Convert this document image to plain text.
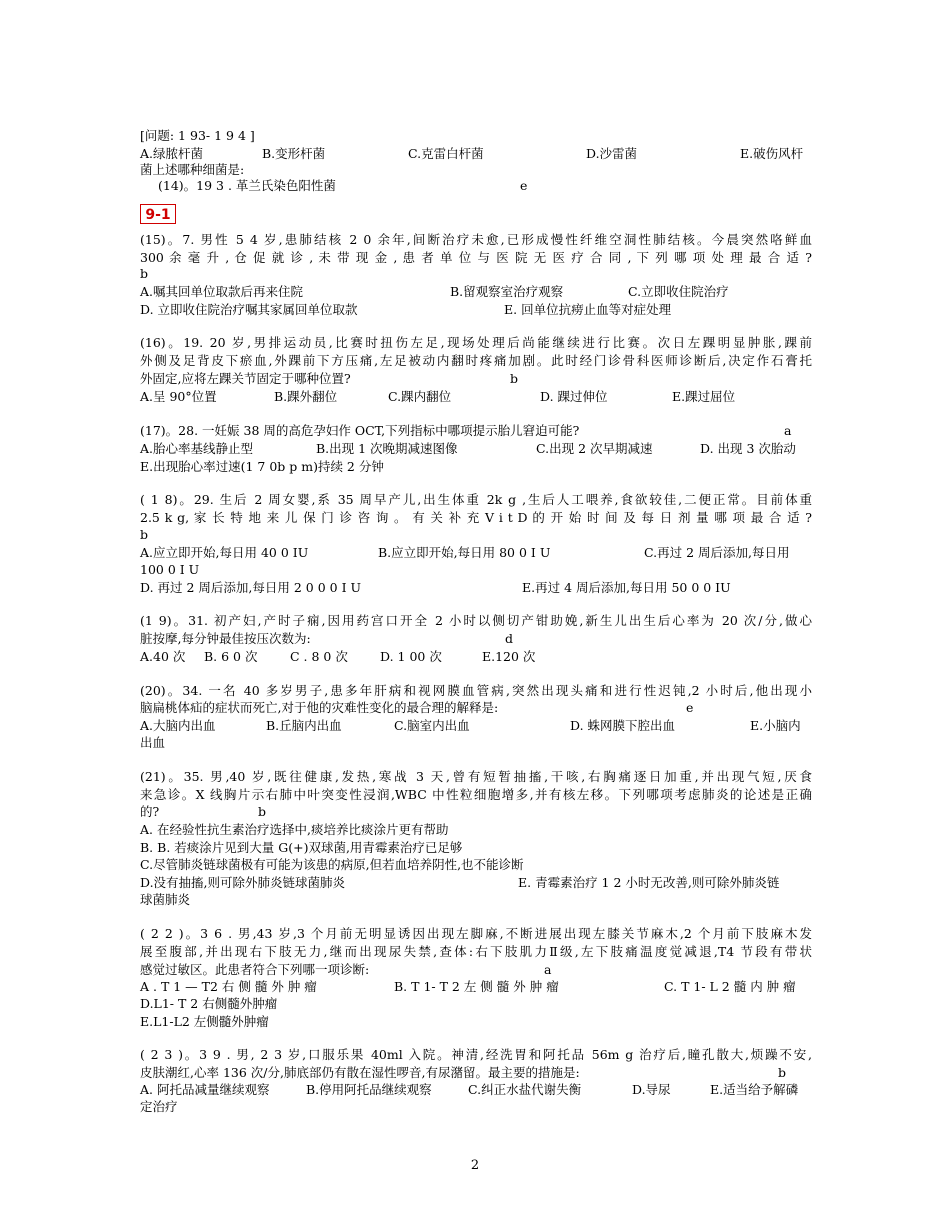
[问题: 1 93- 1 9 4 ]
A.绿脓杆菌	B.变形杆菌	C.克雷白杆菌	D.沙雷菌	E.破伤风杆
菌上述哪种细菌是:
(14)。19 3 . 革兰氏染色阳性菌	e
9-1
(15)。7. 男性 5 4 岁,患肺结核 2 0 余年,间断治疗未愈,已形成慢性纤维空洞性肺结核。今晨突然咯鲜血
300 余 毫 升 , 仓 促 就 诊 , 未 带 现 金 , 患 者 单 位 与 医 院 无 医 疗 合 同 , 下 列 哪 项 处 理 最 合 适 ?
b
A.嘱其回单位取款后再来住院	B.留观察室治疗观察	C.立即收住院治疗
D. 立即收住院治疗嘱其家属回单位取款	E. 回单位抗痨止血等对症处理
(16)。19. 20 岁,男排运动员,比赛时扭伤左足,现场处理后尚能继续进行比赛。次日左踝明显肿胀,踝前
外侧及足背皮下瘀血,外踝前下方压痛,左足被动内翻时疼痛加剧。此时经门诊骨科医师诊断后,决定作石膏托
外固定,应将左踝关节固定于哪种位置?	b
A.呈 90°位置	B.踝外翻位	C.踝内翻位	D. 踝过伸位	E.踝过屈位
(17)。28. 一妊娠 38 周的高危孕妇作 OCT,下列指标中哪项提示胎儿窘迫可能?	a
A.胎心率基线静止型	B.出现 1 次晚期减速图像	C.出现 2 次早期减速	D. 出现 3 次胎动
E.出现胎心率过速(1 7 0b p m)持续 2 分钟
( 1 8)。29. 生后 2 周女婴,系 35 周早产儿,出生体重 2k g ,生后人工喂养,食欲较佳,二便正常。目前体重
2.5 k g, 家 长 特 地 来 儿 保 门 诊 咨 询 。 有 关 补 充 V i t D 的 开 始 时 间 及 每 日 剂 量 哪 项 最 合 适 ?
b
A.应立即开始,每日用 40 0 IU	B.应立即开始,每日用 80 0 I U	C.再过 2 周后添加,每日用
100 0 I U
D. 再过 2 周后添加,每日用 2 0 0 0 I U	E.再过 4 周后添加,每日用 50 0 0 IU
(1 9)。31. 初产妇,产时子痫,因用药宫口开全 2 小时以侧切产钳助娩,新生儿出生后心率为 20 次/分,做心
脏按摩,每分钟最佳按压次数为:	d
A.40 次 B. 6 0 次	C . 8 0 次	D. 1 00 次	E.120 次
(20)。34. 一名 40 多岁男子,患多年肝病和视网膜血管病,突然出现头痛和进行性迟钝,2 小时后,他出现小
脑扁桃体疝的症状而死亡,对于他的灾难性变化的最合理的解释是:	e
A.大脑内出血	B.丘脑内出血	C.脑室内出血	D. 蛛网膜下腔出血	E.小脑内
出血
(21)。35. 男,40 岁,既往健康,发热,寒战 3 天,曾有短暂抽搐,干咳,右胸痛逐日加重,并出现气短,厌食
来急诊。X 线胸片示右肺中叶突变性浸润,WBC 中性粒细胞增多,并有核左移。下列哪项考虑肺炎的论述是正确
的?	b
A. 在经验性抗生素治疗选择中,痰培养比痰涂片更有帮助
B. B. 若痰涂片见到大量 G(+)双球菌,用青霉素治疗已足够
C.尽管肺炎链球菌极有可能为该患的病原,但若血培养阴性,也不能诊断
D.没有抽搐,则可除外肺炎链球菌肺炎	E. 青霉素治疗 1 2 小时无改善,则可除外肺炎链
球菌肺炎
( 2 2 )。3 6 . 男,43 岁,3 个月前无明显诱因出现左脚麻,不断进展出现左膝关节麻木,2 个月前下肢麻木发
展至腹部,并出现右下肢无力,继而出现尿失禁,查体:右下肢肌力Ⅱ级,左下肢痛温度觉减退,T4 节段有带状
感觉过敏区。此患者符合下列哪一项诊断:	a
A . T 1 — T2 右 侧 髓 外 肿 瘤	B. T 1- T 2 左 侧 髓 外 肿 瘤	C. T 1- L 2 髓 内 肿 瘤
D.L1- T 2 右侧髓外肿瘤
E.L1-L2 左侧髓外肿瘤
( 2 3 )。3 9 . 男, 2 3 岁,口服乐果 40ml 入院。神清,经洗胃和阿托品 56m g 治疗后,瞳孔散大,烦躁不安,
皮肤潮红,心率 136 次/分,肺底部仍有散在湿性啰音,有尿潴留。最主要的措施是:	b
A. 阿托品减量继续观察	B.停用阿托品继续观察	C.纠正水盐代谢失衡	D.导尿	E.适当给予解磷
定治疗
2
